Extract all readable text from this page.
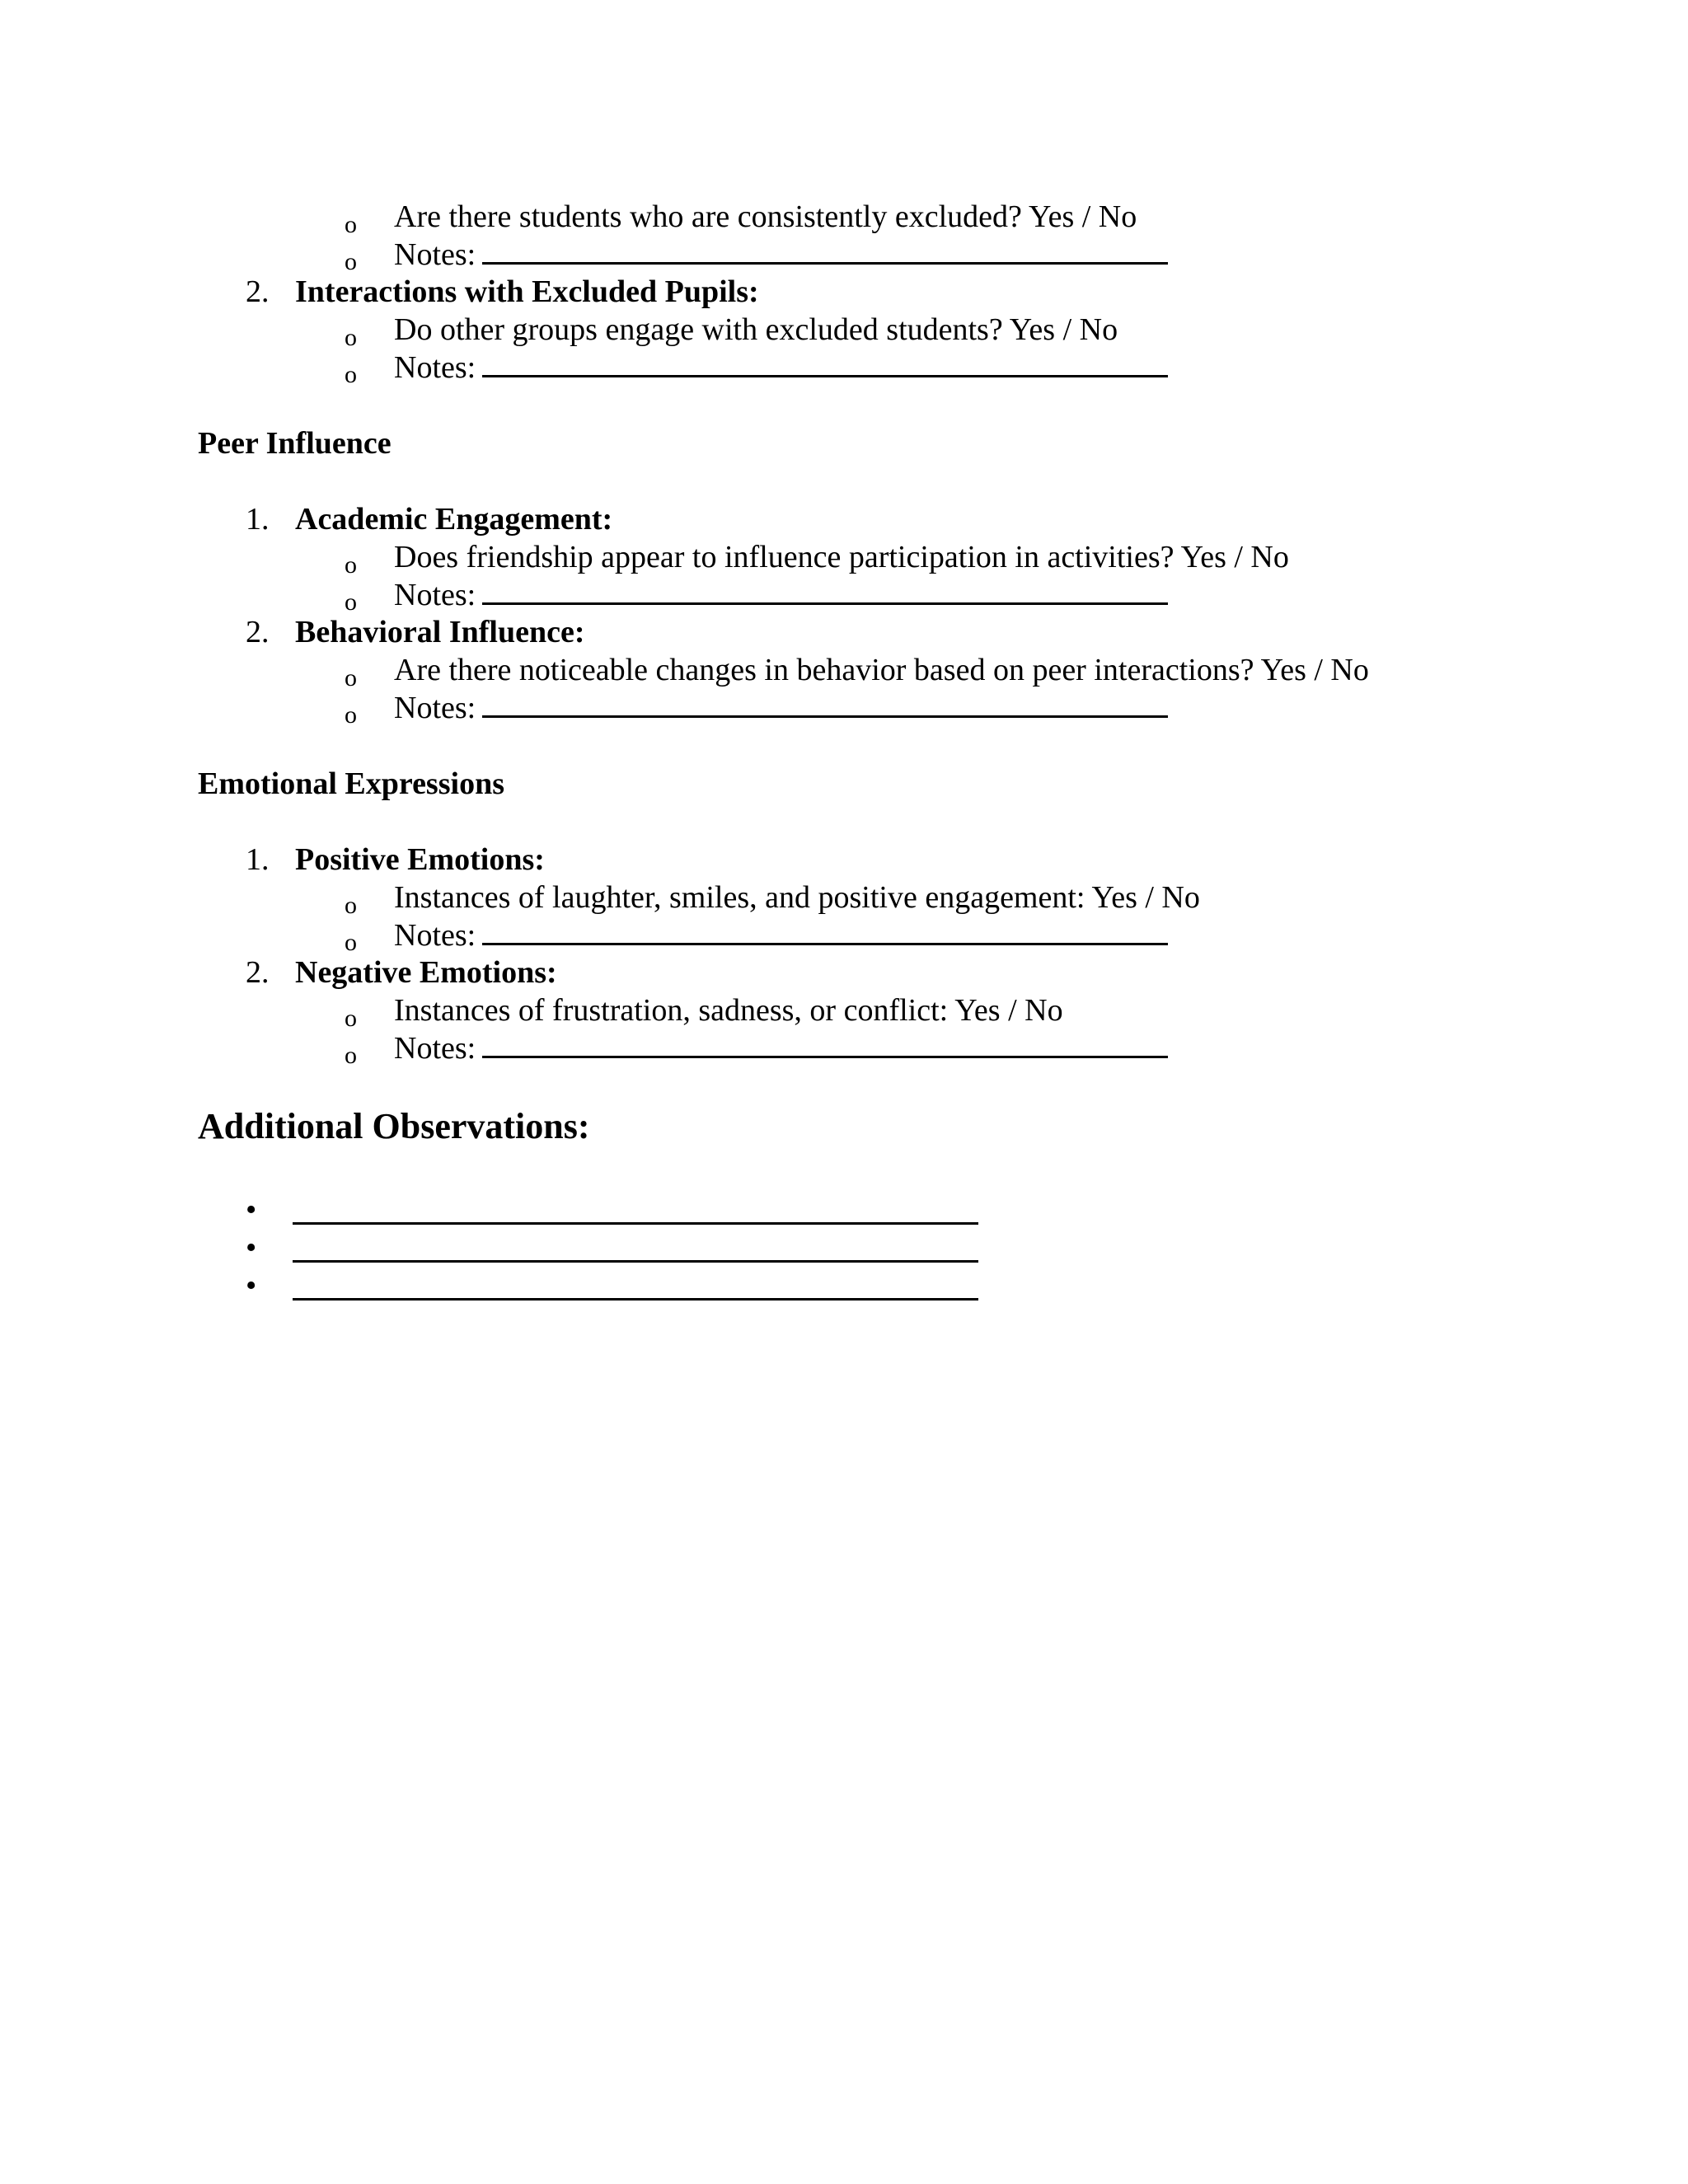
o Are there students who are consistently excluded? Yes / No
o Notes:
2. Interactions with Excluded Pupils:
o Do other groups engage with excluded students? Yes / No
o Notes:
Peer Influence
1. Academic Engagement:
o Does friendship appear to influence participation in activities? Yes / No
o Notes:
2. Behavioral Influence:
o Are there noticeable changes in behavior based on peer interactions? Yes / No
o Notes:
Emotional Expressions
1. Positive Emotions:
o Instances of laughter, smiles, and positive engagement: Yes / No
o Notes:
2. Negative Emotions:
o Instances of frustration, sadness, or conflict: Yes / No
o Notes:
Additional Observations:
•
•
•
